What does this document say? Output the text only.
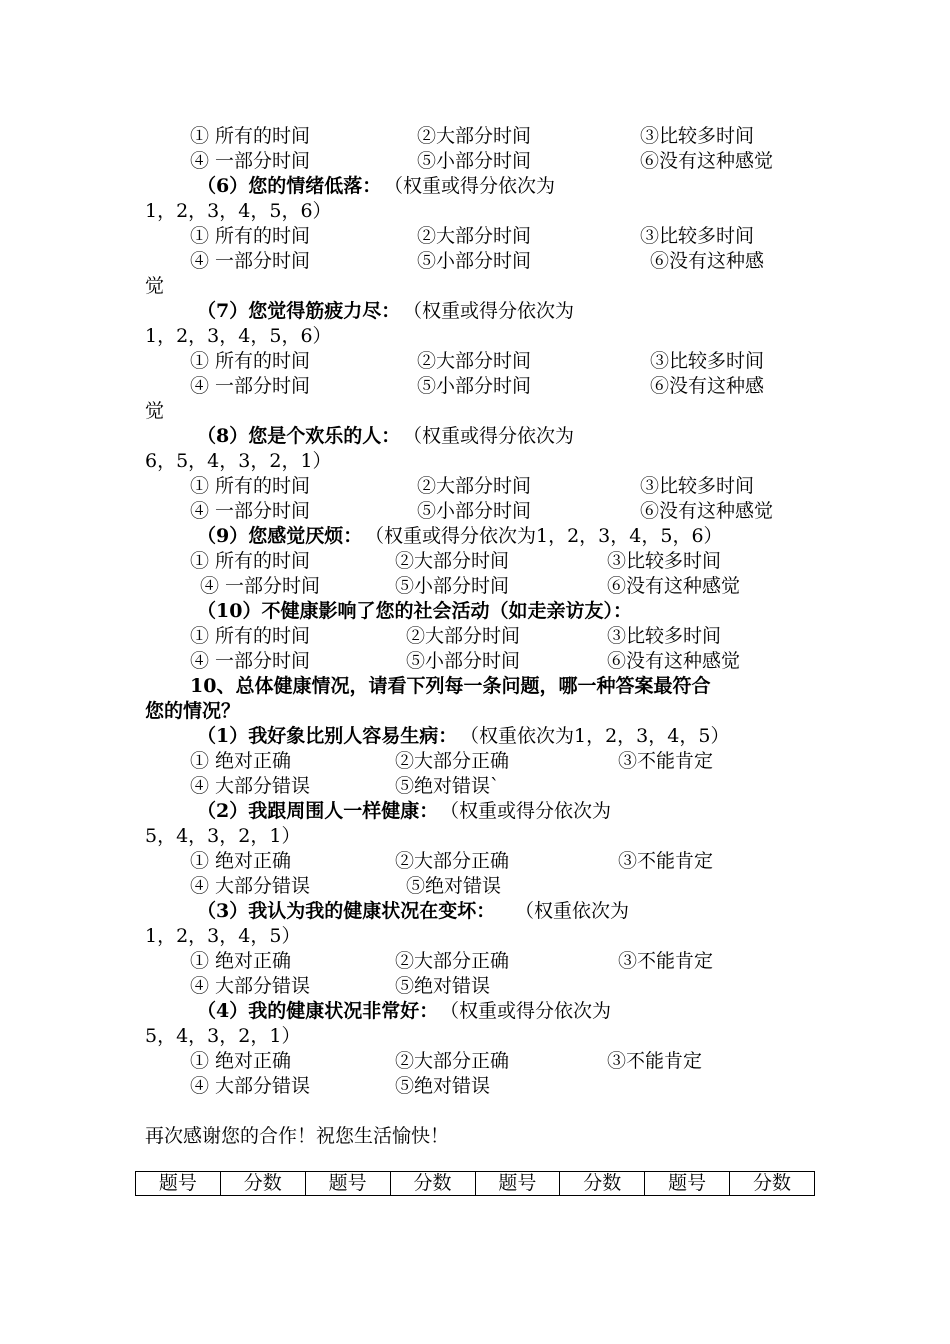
① 所有的时间	②大部分时间	③比较多时间
④ 一部分时间	⑤小部分时间	⑥没有这种感觉
（6）您的情绪低落： （权重或得分依次为
1，2，3，4，5，6）
① 所有的时间	②大部分时间	③比较多时间
④ 一部分时间	⑤小部分时间	⑥没有这种感
觉
（7）您觉得筋疲力尽： （权重或得分依次为
1，2，3，4，5，6）
① 所有的时间	②大部分时间	③比较多时间
④ 一部分时间	⑤小部分时间	⑥没有这种感
觉
（8）您是个欢乐的人： （权重或得分依次为
6，5，4，3，2，1）
① 所有的时间	②大部分时间	③比较多时间
④ 一部分时间	⑤小部分时间	⑥没有这种感觉
（9）您感觉厌烦： （权重或得分依次为1，2，3，4，5，6）
① 所有的时间	②大部分时间	③比较多时间
④ 一部分时间	⑤小部分时间	⑥没有这种感觉
（10）不健康影响了您的社会活动（如走亲访友）：
① 所有的时间	②大部分时间	③比较多时间
④ 一部分时间	⑤小部分时间	⑥没有这种感觉
10、总体健康情况，请看下列每一条问题，哪一种答案最符合
您的情况？
（1）我好象比别人容易生病： （权重依次为1，2，3，4，5）
① 绝对正确	②大部分正确	③不能肯定
④ 大部分错误	⑤绝对错误`
（2）我跟周围人一样健康： （权重或得分依次为
5，4，3，2，1）
① 绝对正确	②大部分正确	③不能肯定
④ 大部分错误	⑤绝对错误
（3）我认为我的健康状况在变坏： （权重依次为
1，2，3，4，5）
① 绝对正确	②大部分正确	③不能肯定
④ 大部分错误	⑤绝对错误
（4）我的健康状况非常好： （权重或得分依次为
5，4，3，2，1）
① 绝对正确	②大部分正确	③不能肯定
④ 大部分错误	⑤绝对错误
再次感谢您的合作！祝您生活愉快！
题号	分数	题号	分数	题号	分数	题号	分数
